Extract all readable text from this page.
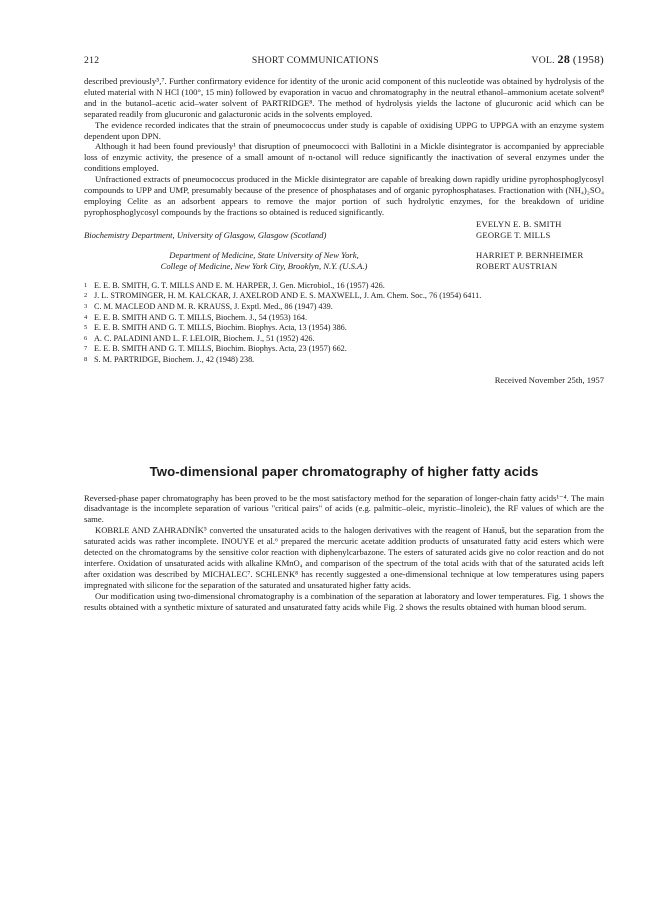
212	SHORT COMMUNICATIONS	VOL. 28 (1958)

described previously⁵,⁷. Further confirmatory evidence for identity of the uronic acid component of this nucleotide was obtained by hydrolysis of the eluted material with N HCl (100°, 15 min) followed by evaporation in vacuo and chromatography in the neutral ethanol–ammonium acetate solvent⁸ and in the butanol–acetic acid–water solvent of PARTRIDGE⁸. The method of hydrolysis yields the lactone of glucuronic acid which can be separated readily from glucuronic and galacturonic acids in the solvents employed.

The evidence recorded indicates that the strain of pneumococcus under study is capable of oxidising UPPG to UPPGA with an enzyme system dependent upon DPN.

Although it had been found previously¹ that disruption of pneumococci with Ballotini in a Mickle disintegrator is accompanied by appreciable loss of enzymic activity, the presence of a small amount of n-octanol will reduce significantly the inactivation of several enzymes under the conditions employed.

Unfractioned extracts of pneumococcus produced in the Mickle disintegrator are capable of breaking down rapidly uridine pyrophosphoglycosyl compounds to UPP and UMP, presumably because of the presence of phosphatases and of organic pyrophosphatases. Fractionation with (NH₄)₂SO₄ employing Celite as an adsorbent appears to remove the major portion of such hydrolytic enzymes, for the breakdown of uridine pyrophosphoglycosyl compounds by the fractions so obtained is reduced significantly.

EVELYN E. B. SMITH
Biochemistry Department, University of Glasgow, Glasgow (Scotland)	GEORGE T. MILLS
Department of Medicine, State University of New York,	HARRIET P. BERNHEIMER
College of Medicine, New York City, Brooklyn, N.Y. (U.S.A.)	ROBERT AUSTRIAN
1 E. E. B. SMITH, G. T. MILLS AND E. M. HARPER, J. Gen. Microbiol., 16 (1957) 426.
2 J. L. STROMINGER, H. M. KALCKAR, J. AXELROD AND E. S. MAXWELL, J. Am. Chem. Soc., 76 (1954) 6411.
3 C. M. MACLEOD AND M. R. KRAUSS, J. Exptl. Med., 86 (1947) 439.
4 E. E. B. SMITH AND G. T. MILLS, Biochem. J., 54 (1953) 164.
5 E. E. B. SMITH AND G. T. MILLS, Biochim. Biophys. Acta, 13 (1954) 386.
6 A. C. PALADINI AND L. F. LELOIR, Biochem. J., 51 (1952) 426.
7 E. E. B. SMITH AND G. T. MILLS, Biochim. Biophys. Acta, 23 (1957) 662.
8 S. M. PARTRIDGE, Biochem. J., 42 (1948) 238.
Received November 25th, 1957
Two-dimensional paper chromatography of higher fatty acids

Reversed-phase paper chromatography has been proved to be the most satisfactory method for the separation of longer-chain fatty acids¹⁻⁴. The main disadvantage is the incomplete separation of various "critical pairs" of acids (e.g. palmitic–oleic, myristic–linoleic), the RF values of which are the same.

KOBRLE AND ZAHRADNÍK⁵ converted the unsaturated acids to the halogen derivatives with the reagent of Hanuš, but the separation from the saturated acids was rather incomplete. INOUYE et al.⁶ prepared the mercuric acetate addition products of unsaturated fatty acid esters which were detected on the chromatograms by the sensitive color reaction with diphenylcarbazone. The esters of saturated acids give no color reaction and do not interfere. Oxidation of unsaturated acids with alkaline KMnO₄ and comparison of the spectrum of the total acids with that of the saturated acids left after oxidation was described by MICHALEC⁷. SCHLENK⁸ has recently suggested a one-dimensional technique at low temperatures using papers impregnated with silicone for the separation of the saturated and unsaturated higher fatty acids.

Our modification using two-dimensional chromatography is a combination of the separation at laboratory and lower temperatures. Fig. 1 shows the results obtained with a synthetic mixture of saturated and unsaturated fatty acids while Fig. 2 shows the results obtained with human blood serum.
